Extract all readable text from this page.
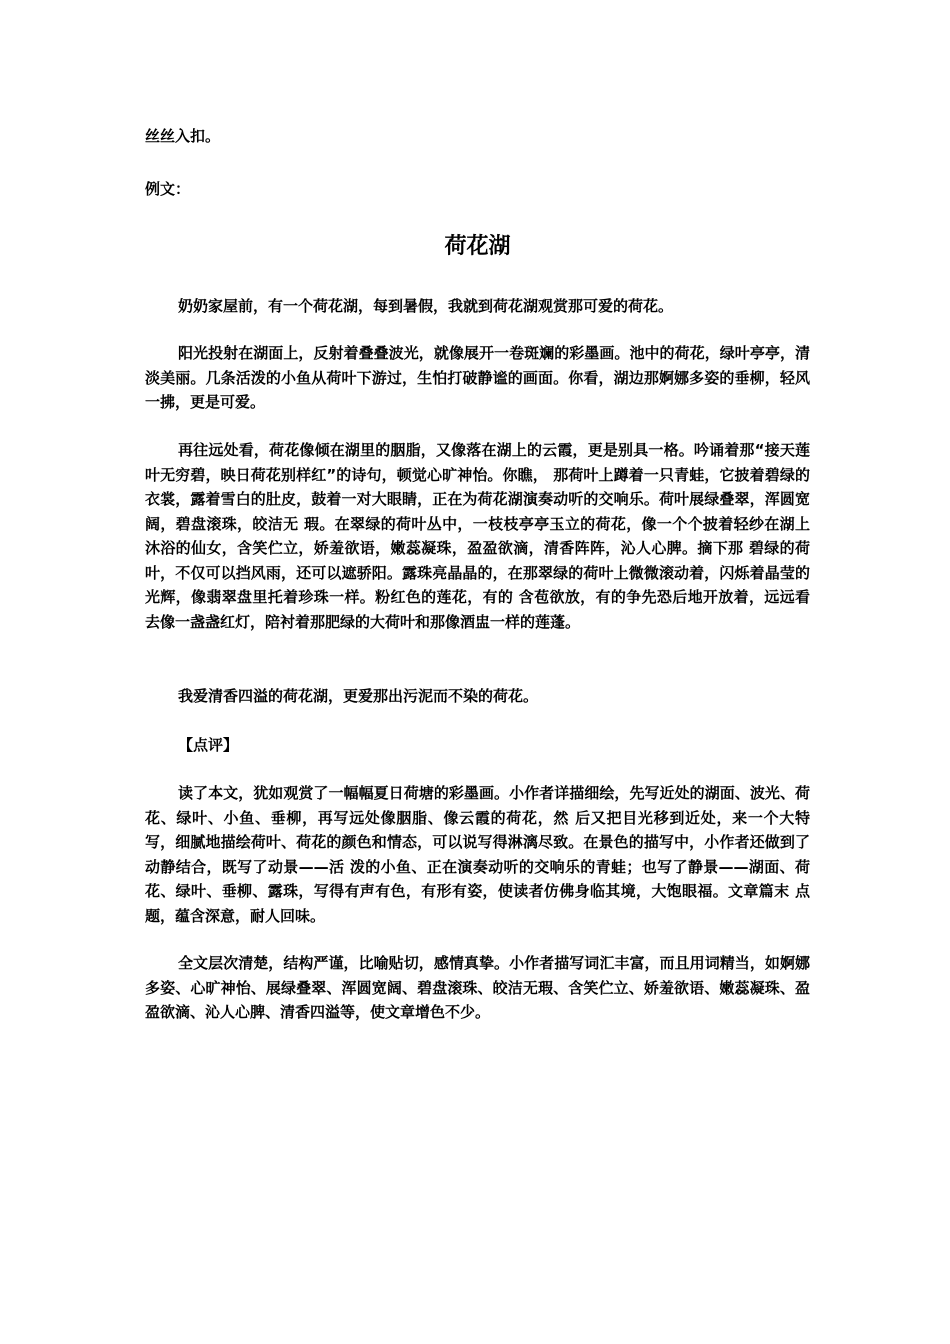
丝丝入扣。

例文：

荷花湖

奶奶家屋前，有一个荷花湖，每到暑假，我就到荷花湖观赏那可爱的荷花。

阳光投射在湖面上，反射着叠叠波光，就像展开一卷斑斓的彩墨画。池中的荷花，绿叶亭亭，清淡美丽。几条活泼的小鱼从荷叶下游过，生怕打破静谧的画面。你看，湖边那婀娜多姿的垂柳，轻风一拂，更是可爱。

再往远处看，荷花像倾在湖里的胭脂，又像落在湖上的云霞，更是别具一格。吟诵着那“接天莲叶无穷碧，映日荷花别样红”的诗句，顿觉心旷神怡。你瞧， 那荷叶上蹲着一只青蛙，它披着碧绿的衣裳，露着雪白的肚皮，鼓着一对大眼睛，正在为荷花湖演奏动听的交响乐。荷叶展绿叠翠，浑圆宽阔，碧盘滚珠，皎洁无 瑕。在翠绿的荷叶丛中，一枝枝亭亭玉立的荷花，像一个个披着轻纱在湖上沐浴的仙女，含笑伫立，娇羞欲语，嫩蕊凝珠，盈盈欲滴，清香阵阵，沁人心脾。摘下那 碧绿的荷叶，不仅可以挡风雨，还可以遮骄阳。露珠亮晶晶的，在那翠绿的荷叶上微微滚动着，闪烁着晶莹的光辉，像翡翠盘里托着珍珠一样。粉红色的莲花，有的 含苞欲放，有的争先恐后地开放着，远远看去像一盏盏红灯，陪衬着那肥绿的大荷叶和那像酒盅一样的莲蓬。

我爱清香四溢的荷花湖，更爱那出污泥而不染的荷花。

【点评】

读了本文，犹如观赏了一幅幅夏日荷塘的彩墨画。小作者详描细绘，先写近处的湖面、波光、荷花、绿叶、小鱼、垂柳，再写远处像胭脂、像云霞的荷花，然 后又把目光移到近处，来一个大特写，细腻地描绘荷叶、荷花的颜色和情态，可以说写得淋漓尽致。在景色的描写中，小作者还做到了动静结合，既写了动景——活 泼的小鱼、正在演奏动听的交响乐的青蛙；也写了静景——湖面、荷花、绿叶、垂柳、露珠，写得有声有色，有形有姿，使读者仿佛身临其境，大饱眼福。文章篇末 点题，蕴含深意，耐人回味。

全文层次清楚，结构严谨，比喻贴切，感情真挚。小作者描写词汇丰富，而且用词精当，如婀娜多姿、心旷神怡、展绿叠翠、浑圆宽阔、碧盘滚珠、皎洁无瑕、含笑伫立、娇羞欲语、嫩蕊凝珠、盈盈欲滴、沁人心脾、清香四溢等，使文章增色不少。
